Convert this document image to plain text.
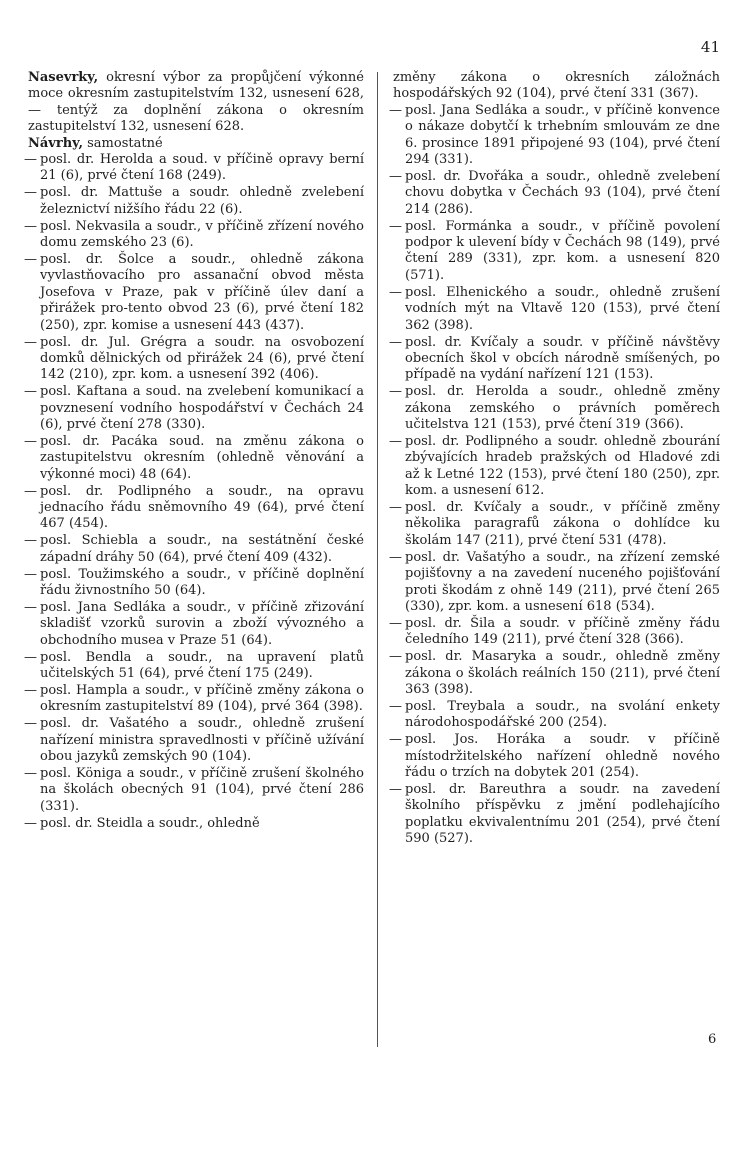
41

Nasevrky, okresní výbor za propůjčení výkonné moce okresním zastupitelstvím 132, usnesení 628, — tentýž za doplnění zákona o okresním zastupitelství 132, usnesení 628.

Návrhy, samostatné

— posl. dr. Herolda a soud. v příčině opravy berní 21 (6), prvé čtení 168 (249).

— posl. dr. Mattuše a soudr. ohledně zvelebení železnictví nižšího řádu 22 (6).

— posl. Nekvasila a soudr., v příčině zřízení nového domu zemského 23 (6).

— posl. dr. Šolce a soudr., ohledně zákona vyvlastňovacího pro assanační obvod města Josefova v Praze, pak v příčině úlev daní a přirážek pro-tento obvod 23 (6), prvé čtení 182 (250), zpr. komise a usnesení 443 (437).

— posl. dr. Jul. Grégra a soudr. na osvobození domků dělnických od přirážek 24 (6), prvé čtení 142 (210), zpr. kom. a usnesení 392 (406).

— posl. Kaftana a soud. na zvelebení komunikací a povznesení vodního hospodářství v Čechách 24 (6), prvé čtení 278 (330).

— posl. dr. Pacáka soud. na změnu zákona o zastupitelstvu okresním (ohledně věnování a výkonné moci) 48 (64).

— posl. dr. Podlipného a soudr., na opravu jednacího řádu sněmovního 49 (64), prvé čtení 467 (454).

— posl. Schiebla a soudr., na sestátnění české západní dráhy 50 (64), prvé čtení 409 (432).

— posl. Toužimského a soudr., v příčině doplnění řádu živnostního 50 (64).

— posl. Jana Sedláka a soudr., v příčině zřizování skladišť vzorků surovin a zboží vývozného a obchodního musea v Praze 51 (64).

— posl. Bendla a soudr., na upravení platů učitelských 51 (64), prvé čtení 175 (249).

— posl. Hampla a soudr., v příčině změny zákona o okresním zastupitelství 89 (104), prvé 364 (398).

— posl. dr. Vašatého a soudr., ohledně zrušení nařízení ministra spravedlnosti v příčině užívání obou jazyků zemských 90 (104).

— posl. Königa a soudr., v příčině zrušení školného na školách obecných 91 (104), prvé čtení 286 (331).

— posl. dr. Steidla a soudr., ohledně

změny zákona o okresních záložnách hospodářských 92 (104), prvé čtení 331 (367).

— posl. Jana Sedláka a soudr., v příčině konvence o nákaze dobytčí k trhebním smlouvám ze dne 6. prosince 1891 připojené 93 (104), prvé čtení 294 (331).

— posl. dr. Dvořáka a soudr., ohledně zvelebení chovu dobytka v Čechách 93 (104), prvé čtení 214 (286).

— posl. Formánka a soudr., v příčině povolení podpor k ulevení bídy v Čechách 98 (149), prvé čtení 289 (331), zpr. kom. a usnesení 820 (571).

— posl. Elhenického a soudr., ohledně zrušení vodních mýt na Vltavě 120 (153), prvé čtení 362 (398).

— posl. dr. Kvíčaly a soudr. v příčině návštěvy obecních škol v obcích národně smíšených, po případě na vydání nařízení 121 (153).

— posl. dr. Herolda a soudr., ohledně změny zákona zemského o právních poměrech učitelstva 121 (153), prvé čtení 319 (366).

— posl. dr. Podlipného a soudr. ohledně zbourání zbývajících hradeb pražských od Hladové zdi až k Letné 122 (153), prvé čtení 180 (250), zpr. kom. a usnesení 612.

— posl. dr. Kvíčaly a soudr., v příčině změny několika paragrafů zákona o dohlídce ku školám 147 (211), prvé čtení 531 (478).

— posl. dr. Vašatýho a soudr., na zřízení zemské pojišťovny a na zavedení nuceného pojišťování proti škodám z ohně 149 (211), prvé čtení 265 (330), zpr. kom. a usnesení 618 (534).

— posl. dr. Šila a soudr. v příčině změny řádu čeledního 149 (211), prvé čtení 328 (366).

— posl. dr. Masaryka a soudr., ohledně změny zákona o školách reálních 150 (211), prvé čtení 363 (398).

— posl. Treybala a soudr., na svolání enkety národohospodářské 200 (254).

— posl. Jos. Horáka a soudr. v příčině místodržitelského nařízení ohledně nového řádu o trzích na dobytek 201 (254).

— posl. dr. Bareuthra a soudr. na zavedení školního příspěvku z jmění podlehajícího poplatku ekvivalentnímu 201 (254), prvé čtení 590 (527).

6
